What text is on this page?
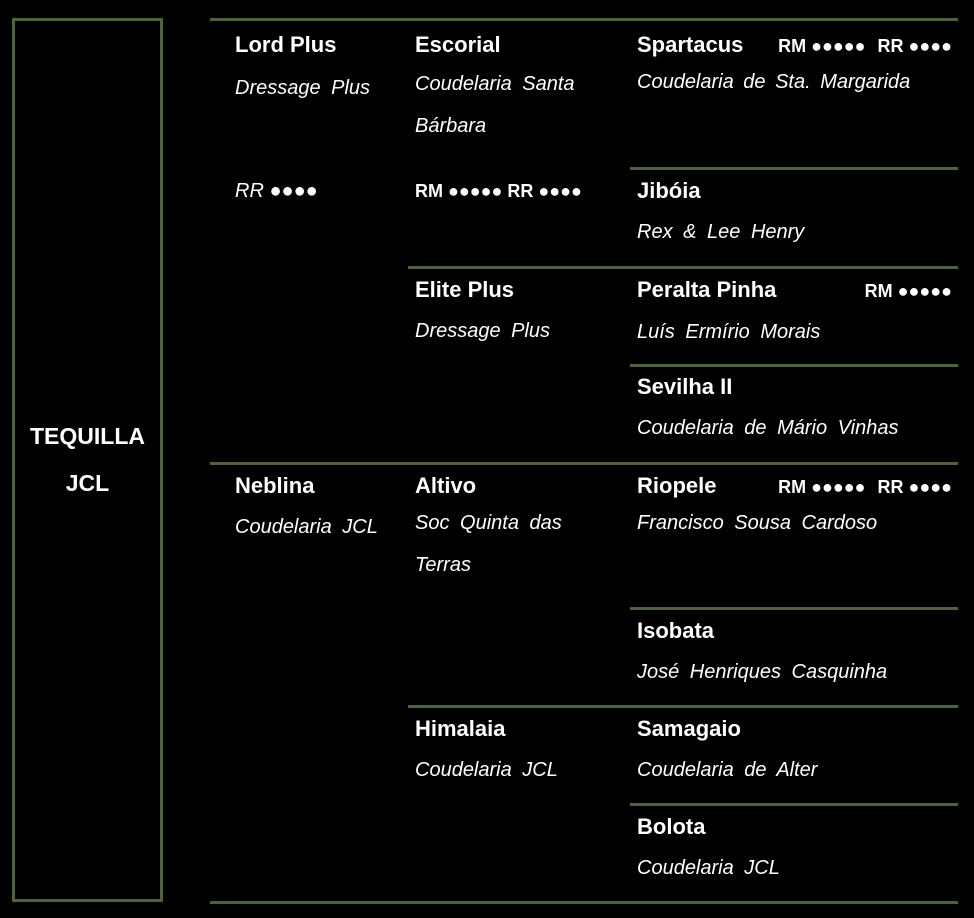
TEQUILLA
JCL
Lord Plus
Dressage Plus
RR ●●●●
Neblina
Coudelaria JCL
Escorial
Coudelaria Santa
Bárbara
RM ●●●●● RR ●●●●
Elite Plus
Dressage Plus
Altivo
Soc Quinta das
Terras
Himalaia
Coudelaria JCL
Spartacus RM ●●●●● RR ●●●●
Coudelaria de Sta. Margarida
Jibóia
Rex & Lee Henry
Peralta Pinha	RM ●●●●●
Luís Ermírio Morais
Sevilha II
Coudelaria de Mário Vinhas
Riopele	RM ●●●●● RR ●●●●
Francisco Sousa Cardoso
Isobata
José Henriques Casquinha
Samagaio
Coudelaria de Alter
Bolota
Coudelaria JCL
